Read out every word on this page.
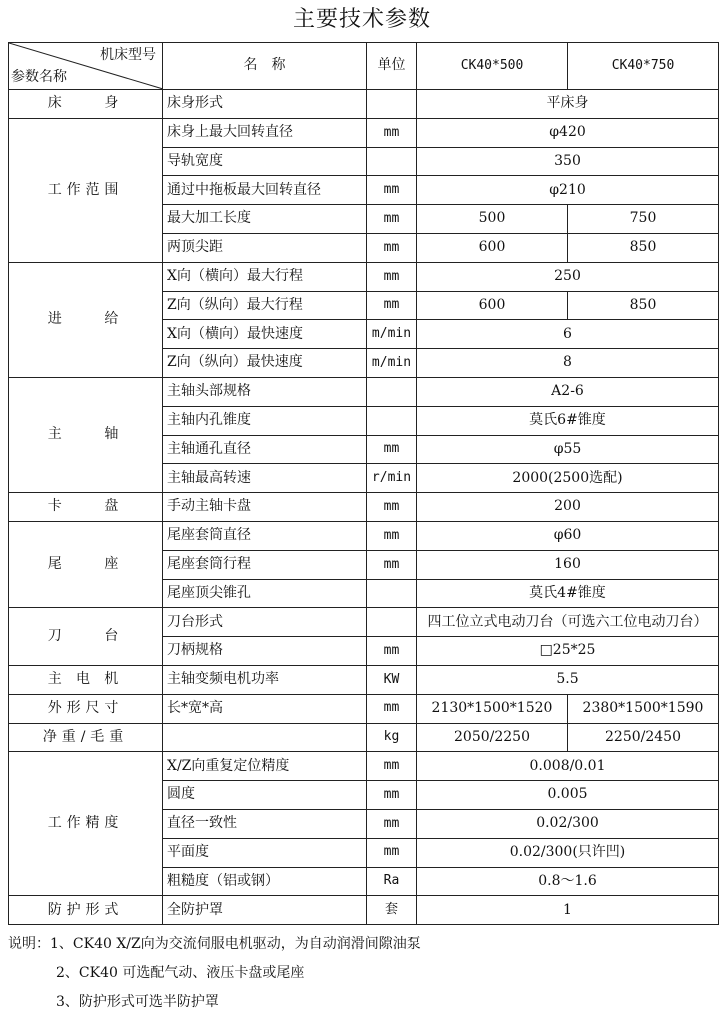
主要技术参数
机床型号
参数名称	名　称	单位	CK40*500	CK40*750
床　　身	床身形式		平床身	
工作范围	床身上最大回转直径	mm	φ420	
	导轨宽度		350	
	通过中拖板最大回转直径	mm	φ210	
	最大加工长度	mm	500	750
	两顶尖距	mm	600	850
进　　给	X向（横向）最大行程	mm	250	
	Z向（纵向）最大行程	mm	600	850
	X向（横向）最快速度	m/min	6	
	Z向（纵向）最快速度	m/min	8	
主　　轴	主轴头部规格		A2-6	
	主轴内孔锥度		莫氏6#锥度	
	主轴通孔直径	mm	φ55	
	主轴最高转速	r/min	2000(2500选配)	
卡　　盘	手动主轴卡盘	mm	200	
尾　　座	尾座套筒直径	mm	φ60	
	尾座套筒行程	mm	160	
	尾座顶尖锥孔		莫氏4#锥度	
刀　　台	刀台形式		四工位立式电动刀台（可选六工位电动刀台）	
	刀柄规格	mm	□25*25	
主 电 机	主轴变频电机功率	KW	5.5	
外形尺寸	长*宽*高	mm	2130*1500*1520	2380*1500*1590
净重/毛重		kg	2050/2250	2250/2450
工作精度	X/Z向重复定位精度	mm	0.008/0.01	
	圆度	mm	0.005	
	直径一致性	mm	0.02/300	
	平面度	mm	0.02/300(只许凹)	
	粗糙度（铝或钢）	Ra	0.8～1.6	
防护形式	全防护罩	套	1	
说明：1、CK40 X/Z向为交流伺服电机驱动，为自动润滑间隙油泵
2、CK40 可选配气动、液压卡盘或尾座
3、防护形式可选半防护罩
